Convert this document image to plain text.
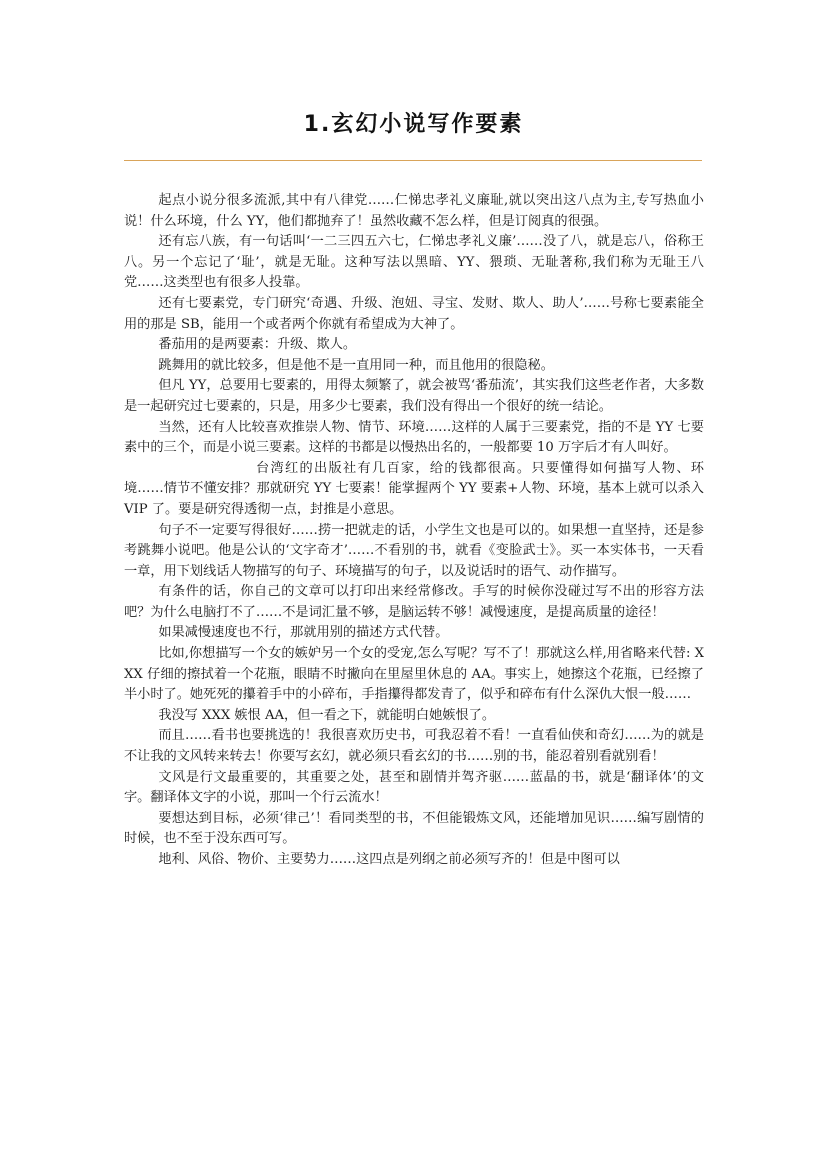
1.玄幻小说写作要素

起点小说分很多流派,其中有八律党……仁悌忠孝礼义廉耻,就以突出这八点为主,专写热血小说！什么环境，什么 YY，他们都抛弃了！虽然收藏不怎么样，但是订阅真的很强。

还有忘八族，有一句话叫‘一二三四五六七，仁悌忠孝礼义廉’……没了八，就是忘八，俗称王八。另一个忘记了‘耻’，就是无耻。这种写法以黑暗、YY、猥琐、无耻著称,我们称为无耻王八党……这类型也有很多人投靠。

还有七要素党，专门研究‘奇遇、升级、泡妞、寻宝、发财、欺人、助人’……号称七要素能全用的那是 SB，能用一个或者两个你就有希望成为大神了。

番茄用的是两要素：升级、欺人。

跳舞用的就比较多，但是他不是一直用同一种，而且他用的很隐秘。

但凡 YY，总要用七要素的，用得太频繁了，就会被骂‘番茄流’，其实我们这些老作者，大多数是一起研究过七要素的，只是，用多少七要素，我们没有得出一个很好的统一结论。

当然，还有人比较喜欢推崇人物、情节、环境……这样的人属于三要素党，指的不是 YY 七要素中的三个，而是小说三要素。这样的书都是以慢热出名的，一般都要 10 万字后才有人叫好。

台湾红的出版社有几百家，给的钱都很高。只要懂得如何描写人物、环境……情节不懂安排？那就研究 YY 七要素！能掌握两个 YY 要素+人物、环境，基本上就可以杀入 VIP 了。要是研究得透彻一点，封推是小意思。

句子不一定要写得很好……捞一把就走的话，小学生文也是可以的。如果想一直坚持，还是参考跳舞小说吧。他是公认的‘文字奇才’……不看别的书，就看《变脸武士》。买一本实体书，一天看一章，用下划线话人物描写的句子、环境描写的句子，以及说话时的语气、动作描写。

有条件的话，你自己的文章可以打印出来经常修改。手写的时候你没碰过写不出的形容方法吧？为什么电脑打不了……不是词汇量不够，是脑运转不够！减慢速度，是提高质量的途径！

如果减慢速度也不行，那就用别的描述方式代替。

比如,你想描写一个女的嫉妒另一个女的受宠,怎么写呢？写不了！那就这么样,用省略来代替: XXX 仔细的擦拭着一个花瓶，眼睛不时撇向在里屋里休息的 AA。事实上，她擦这个花瓶，已经擦了半小时了。她死死的攥着手中的小碎布，手指攥得都发青了，似乎和碎布有什么深仇大恨一般……

我没写 XXX 嫉恨 AA，但一看之下，就能明白她嫉恨了。

而且……看书也要挑选的！我很喜欢历史书，可我忍着不看！一直看仙侠和奇幻……为的就是不让我的文风转来转去！你要写玄幻，就必须只看玄幻的书……别的书，能忍着别看就别看！

文风是行文最重要的，其重要之处，甚至和剧情并驾齐驱……蓝晶的书，就是‘翻译体’的文字。翻译体文字的小说，那叫一个行云流水！

要想达到目标，必须‘律己’！看同类型的书，不但能锻炼文风，还能增加见识……编写剧情的时候，也不至于没东西可写。

地利、风俗、物价、主要势力……这四点是列纲之前必须写齐的！但是中图可以
